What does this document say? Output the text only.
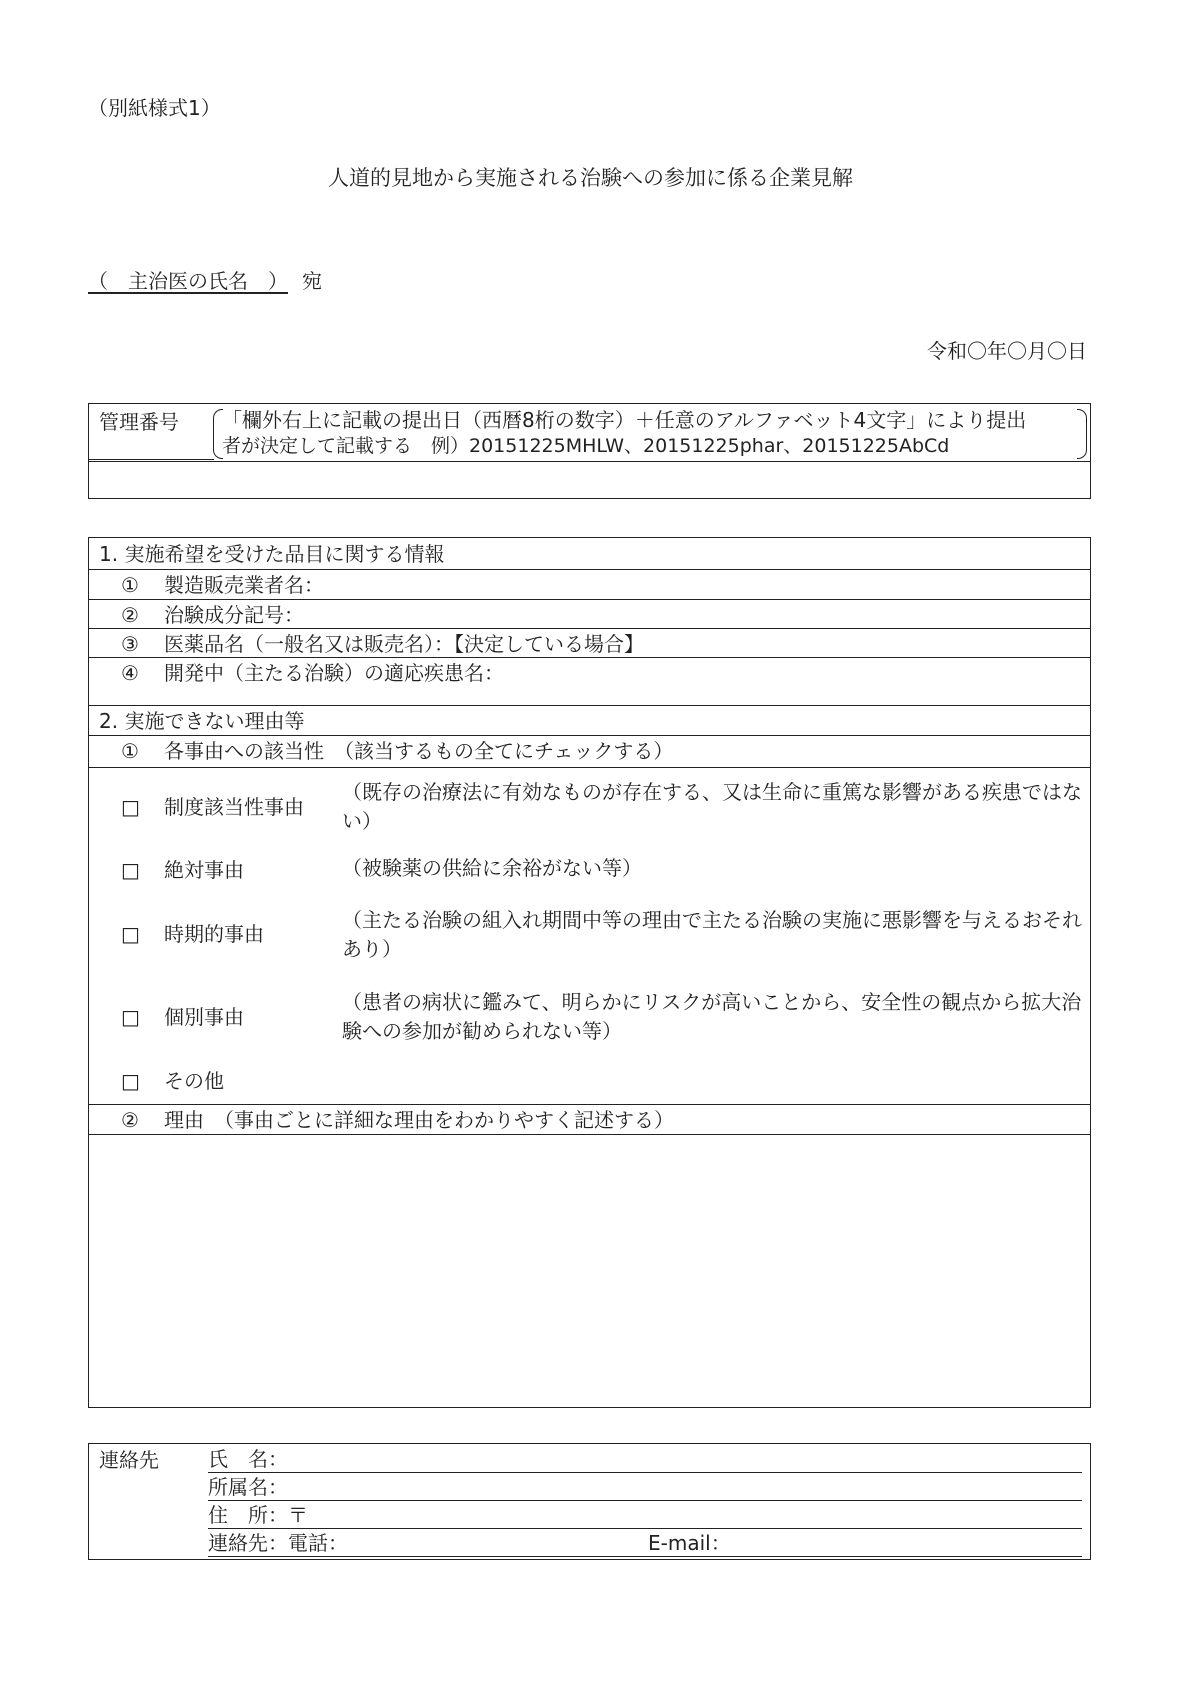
（別紙様式1）
人道的見地から実施される治験への参加に係る企業見解
（　主治医の氏名　） 宛
令和〇年〇月〇日
管理番号 「欄外右上に記載の提出日（西暦8桁の数字）＋任意のアルファベット4文字」により提出
者が決定して記載する　例）20151225MHLW、20151225phar、20151225AbCd
1. 実施希望を受けた品目に関する情報
① 製造販売業者名：
② 治験成分記号：
③ 医薬品名（一般名又は販売名）：【決定している場合】
④ 開発中（主たる治験）の適応疾患名：
2. 実施できない理由等
① 各事由への該当性　（該当するもの全てにチェックする）
□ 制度該当性事由
（既存の治療法に有効なものが存在する、又は生命に重篤な影響がある疾患ではない）
□ 絶対事由	（被験薬の供給に余裕がない等）
□ 時期的事由
（主たる治験の組入れ期間中等の理由で主たる治験の実施に悪影響を与えるおそれあり）
□ 個別事由
（患者の病状に鑑みて、明らかにリスクが高いことから、安全性の観点から拡大治験への参加が勧められない等）
□ その他
② 理由　（事由ごとに詳細な理由をわかりやすく記述する）
連絡先 氏　名：
所属名：
住　所：〒
連絡先：電話：	E-mail：
